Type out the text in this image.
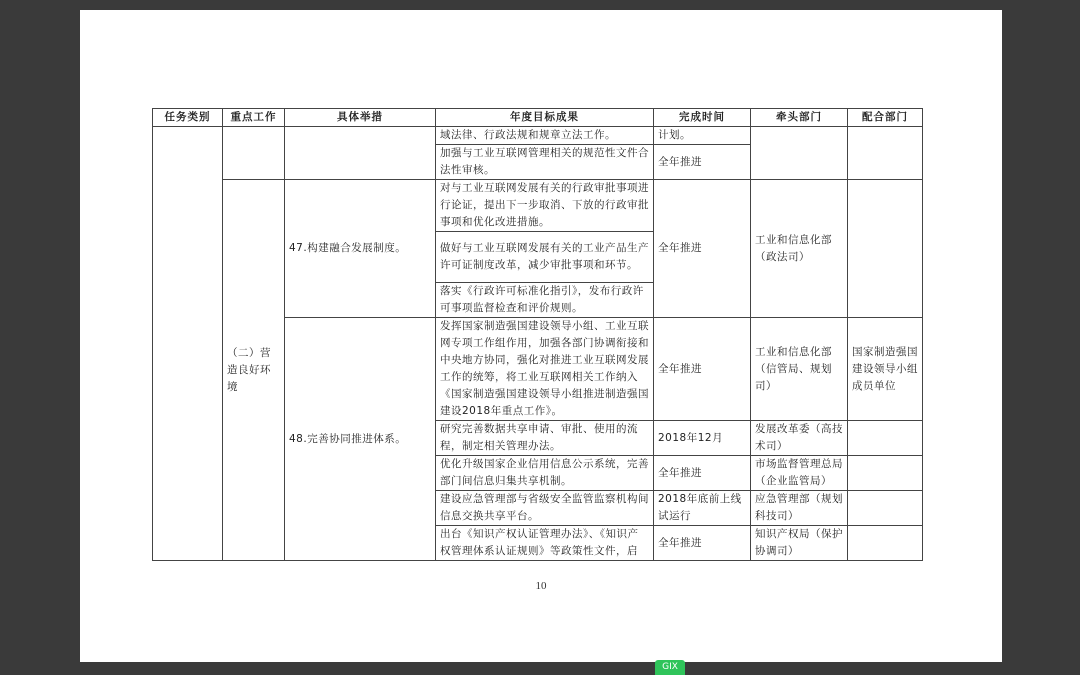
任务类别	重点工作	具体举措	年度目标成果	完成时间	牵头部门	配合部门
			域法律、行政法规和规章立法工作。	计划。		
			加强与工业互联网管理相关的规范性文件合法性审核。	全年推进		
	（二）营造良好环境	47.构建融合发展制度。	对与工业互联网发展有关的行政审批事项进行论证，提出下一步取消、下放的行政审批事项和优化改进措施。	全年推进	工业和信息化部（政法司）	
			做好与工业互联网发展有关的工业产品生产许可证制度改革，减少审批事项和环节。			
			落实《行政许可标准化指引》，发布行政许可事项监督检查和评价规则。			
		48.完善协同推进体系。	发挥国家制造强国建设领导小组、工业互联网专项工作组作用，加强各部门协调衔接和中央地方协同，强化对推进工业互联网发展工作的统筹，将工业互联网相关工作纳入《国家制造强国建设领导小组推进制造强国建设2018年重点工作》。	全年推进	工业和信息化部（信管局、规划司）	国家制造强国建设领导小组成员单位
			研究完善数据共享申请、审批、使用的流程，制定相关管理办法。	2018年12月	发展改革委（高技术司）	
			优化升级国家企业信用信息公示系统，完善部门间信息归集共享机制。	全年推进	市场监督管理总局（企业监管局）	
			建设应急管理部与省级安全监管监察机构间信息交换共享平台。	2018年底前上线试运行	应急管理部（规划科技司）	
			出台《知识产权认证管理办法》、《知识产权管理体系认证规则》等政策性文件，启	全年推进	知识产权局（保护协调司）	
10
GIX
